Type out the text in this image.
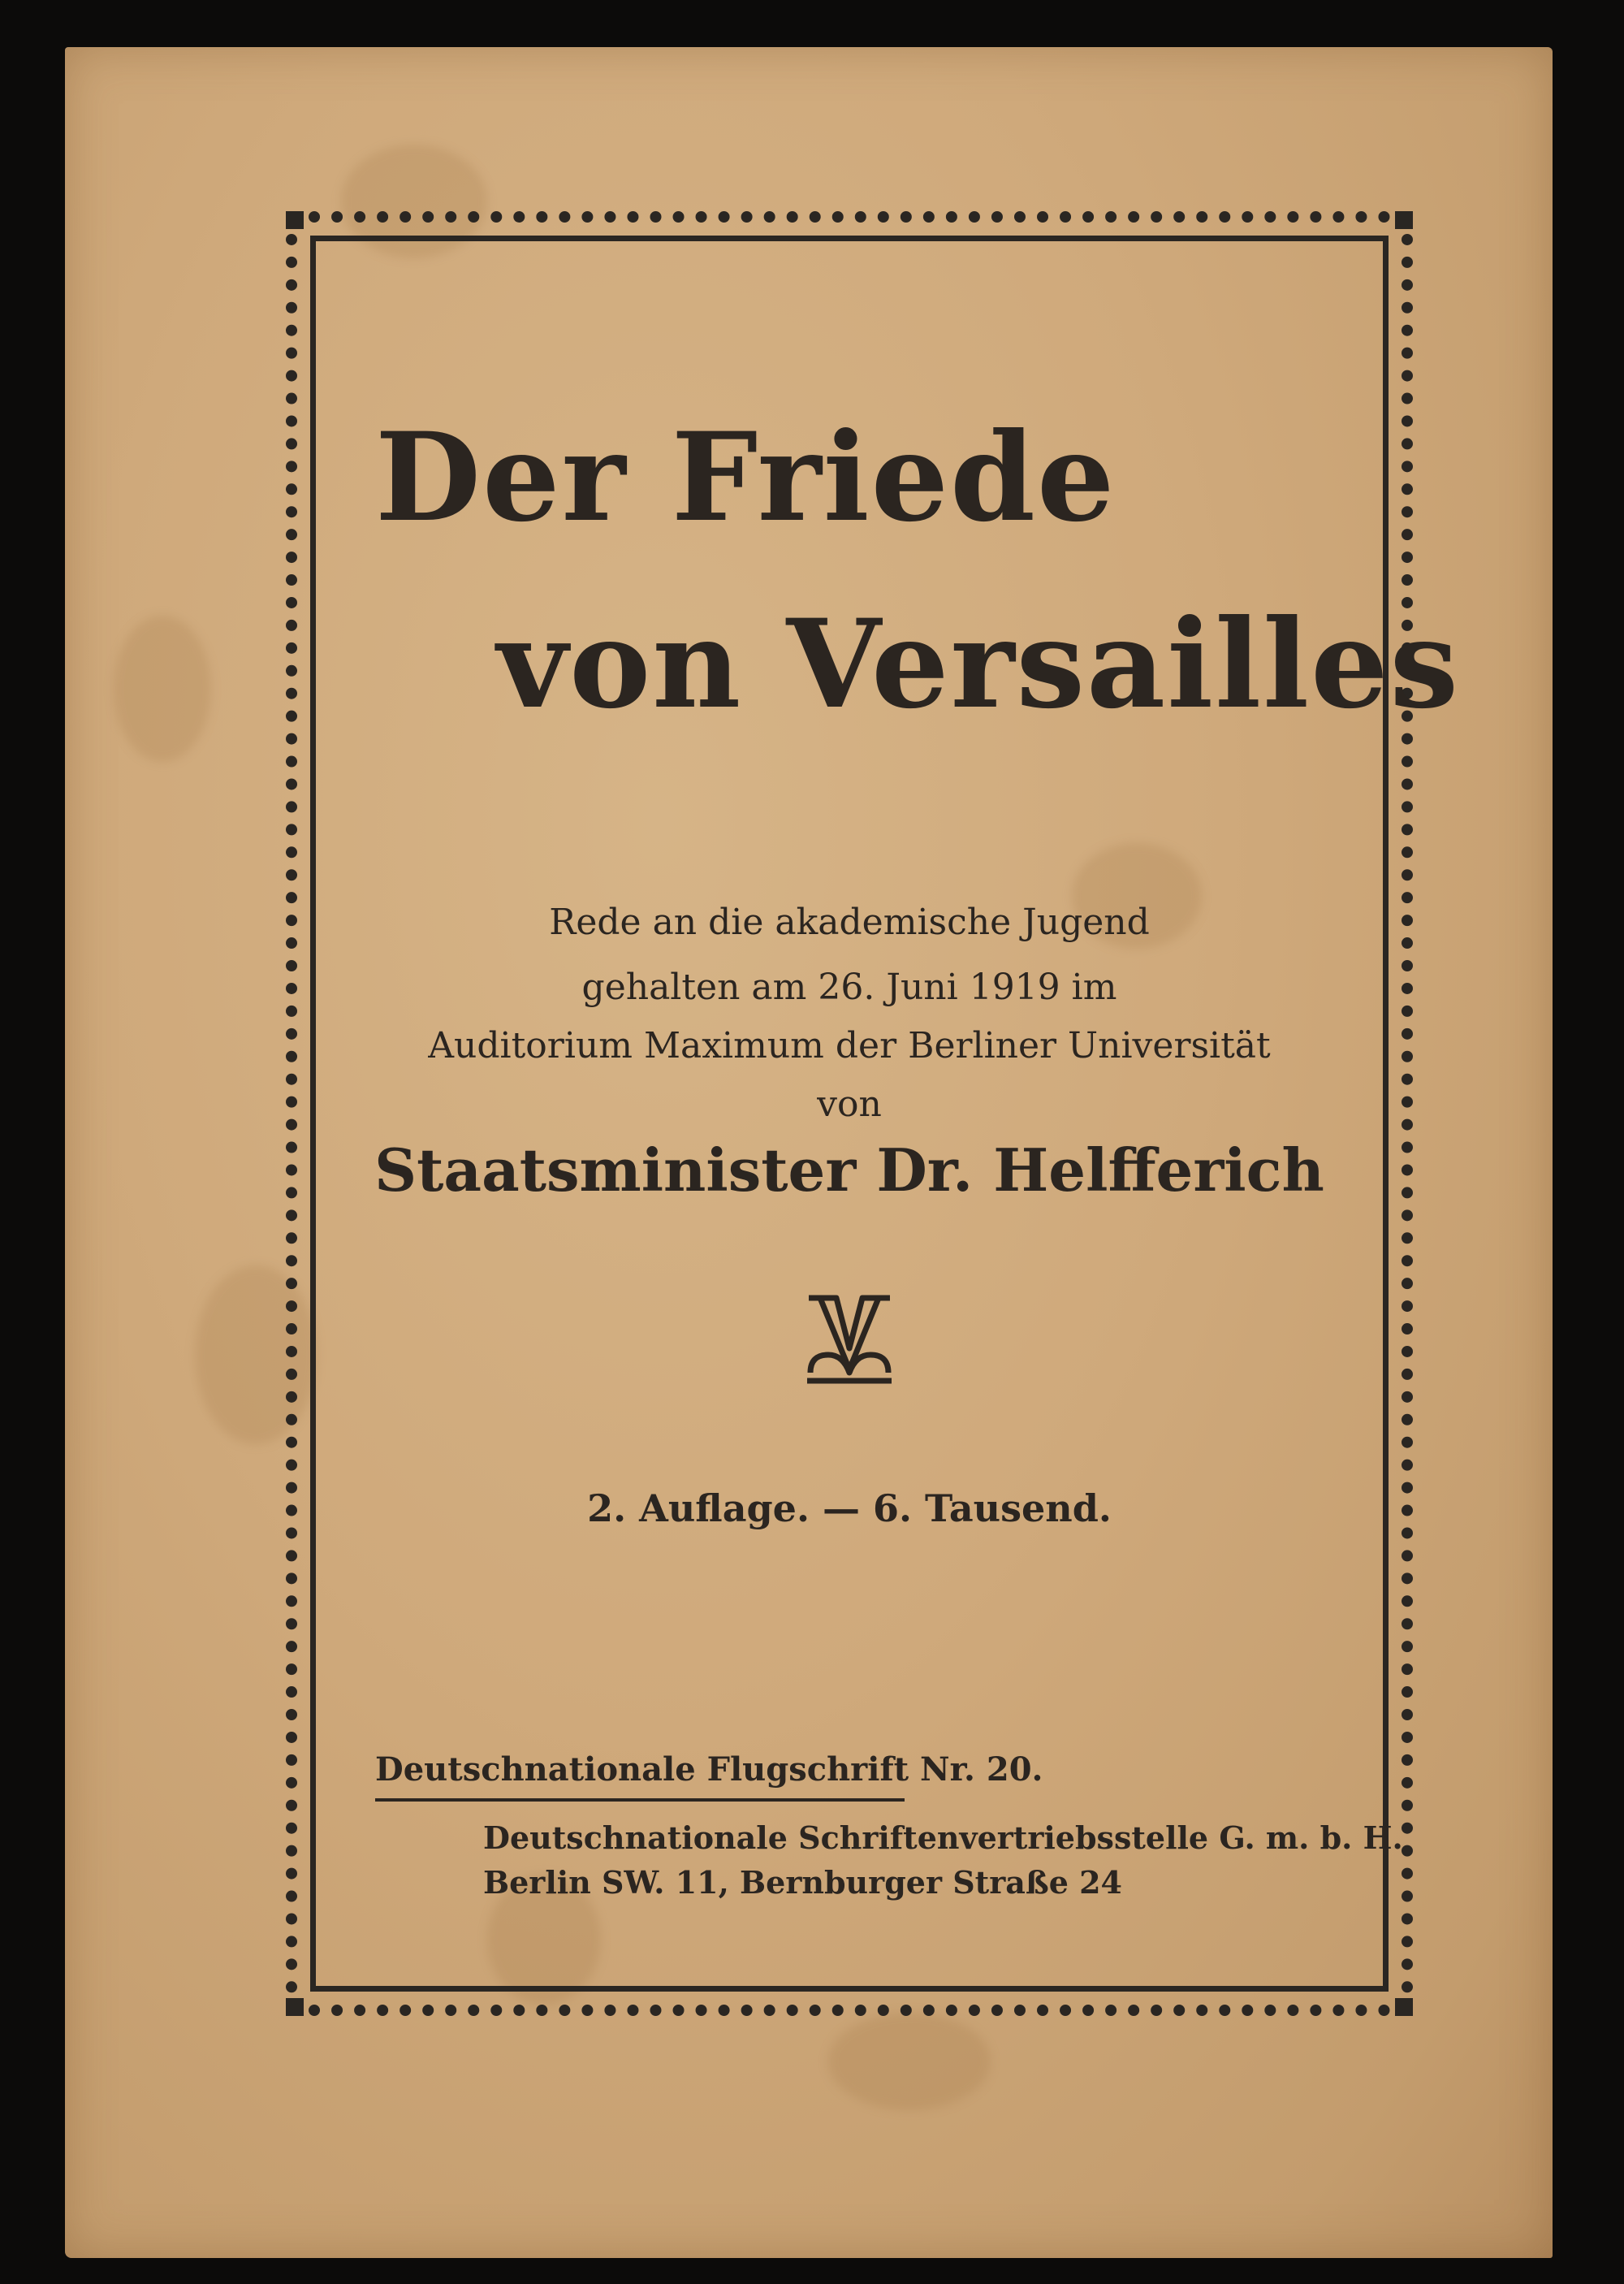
Der Friede
von Versailles
Rede an die akademische Jugend
gehalten am 26. Juni 1919 im
Auditorium Maximum der Berliner Universität
von
Staatsminister Dr. Helfferich
2. Auflage. — 6. Tausend.
Deutschnationale Flugschrift Nr. 20.
Deutschnationale Schriftenvertriebsstelle G. m. b. H.
Berlin SW. 11, Bernburger Straße 24
